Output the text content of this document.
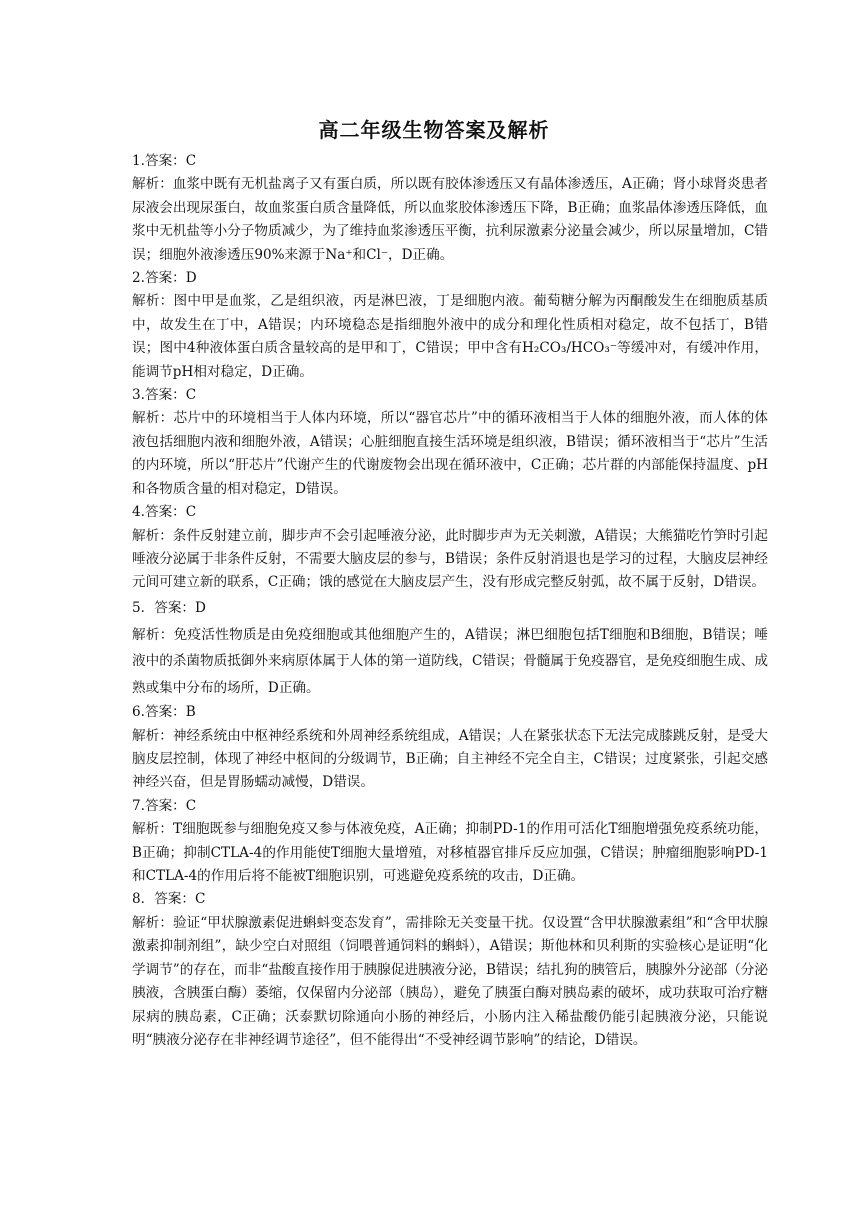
高二年级生物答案及解析

1.答案：C

解析：血浆中既有无机盐离子又有蛋白质，所以既有胶体渗透压又有晶体渗透压，A正确；肾小球肾炎患者尿液会出现尿蛋白，故血浆蛋白质含量降低，所以血浆胶体渗透压下降，B正确；血浆晶体渗透压降低，血浆中无机盐等小分子物质减少，为了维持血浆渗透压平衡，抗利尿激素分泌量会减少，所以尿量增加，C错误；细胞外液渗透压90%来源于Na⁺和Cl⁻，D正确。

2.答案：D

解析：图中甲是血浆，乙是组织液，丙是淋巴液，丁是细胞内液。葡萄糖分解为丙酮酸发生在细胞质基质中，故发生在丁中，A错误；内环境稳态是指细胞外液中的成分和理化性质相对稳定，故不包括丁，B错误；图中4种液体蛋白质含量较高的是甲和丁，C错误；甲中含有H₂CO₃/HCO₃⁻等缓冲对，有缓冲作用，能调节pH相对稳定，D正确。

3.答案：C

解析：芯片中的环境相当于人体内环境，所以“器官芯片”中的循环液相当于人体的细胞外液，而人体的体液包括细胞内液和细胞外液，A错误；心脏细胞直接生活环境是组织液，B错误；循环液相当于“芯片”生活的内环境，所以“肝芯片”代谢产生的代谢废物会出现在循环液中，C正确；芯片群的内部能保持温度、pH和各物质含量的相对稳定，D错误。

4.答案：C

解析：条件反射建立前，脚步声不会引起唾液分泌，此时脚步声为无关刺激，A错误；大熊猫吃竹笋时引起唾液分泌属于非条件反射，不需要大脑皮层的参与，B错误；条件反射消退也是学习的过程，大脑皮层神经元间可建立新的联系，C正确；饿的感觉在大脑皮层产生，没有形成完整反射弧，故不属于反射，D错误。

5．答案：D

解析：免疫活性物质是由免疫细胞或其他细胞产生的，A错误；淋巴细胞包括T细胞和B细胞，B错误；唾液中的杀菌物质抵御外来病原体属于人体的第一道防线，C错误；骨髓属于免疫器官，是免疫细胞生成、成熟或集中分布的场所，D正确。

6.答案：B

解析：神经系统由中枢神经系统和外周神经系统组成，A错误；人在紧张状态下无法完成膝跳反射，是受大脑皮层控制，体现了神经中枢间的分级调节，B正确；自主神经不完全自主，C错误；过度紧张，引起交感神经兴奋，但是胃肠蠕动减慢，D错误。

7.答案：C

解析：T细胞既参与细胞免疫又参与体液免疫，A正确；抑制PD-1的作用可活化T细胞增强免疫系统功能，B正确；抑制CTLA-4的作用能使T细胞大量增殖，对移植器官排斥反应加强，C错误；肿瘤细胞影响PD-1和CTLA-4的作用后将不能被T细胞识别，可逃避免疫系统的攻击，D正确。

8．答案：C

解析：验证“甲状腺激素促进蝌蚪变态发育”，需排除无关变量干扰。仅设置“含甲状腺激素组”和“含甲状腺激素抑制剂组”，缺少空白对照组（饲喂普通饲料的蝌蚪），A错误；斯他林和贝利斯的实验核心是证明“化学调节”的存在，而非“盐酸直接作用于胰腺促进胰液分泌，B错误；结扎狗的胰管后，胰腺外分泌部（分泌胰液，含胰蛋白酶）萎缩，仅保留内分泌部（胰岛），避免了胰蛋白酶对胰岛素的破坏，成功获取可治疗糖尿病的胰岛素，C正确；沃泰默切除通向小肠的神经后，小肠内注入稀盐酸仍能引起胰液分泌，只能说明“胰液分泌存在非神经调节途径”，但不能得出“不受神经调节影响”的结论，D错误。
